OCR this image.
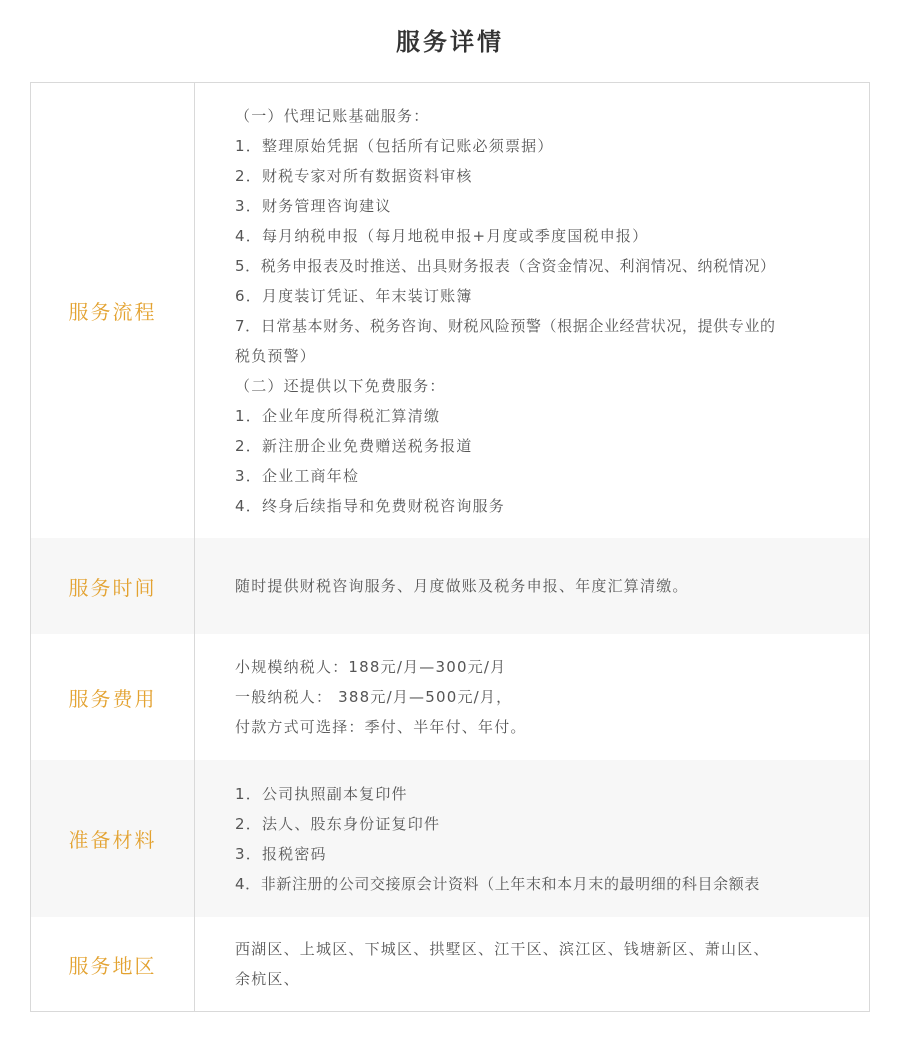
服务详情
服务流程
（一）代理记账基础服务：
1．整理原始凭据（包括所有记账必须票据）
2．财税专家对所有数据资料审核
3．财务管理咨询建议
4．每月纳税申报（每月地税申报+月度或季度国税申报）
5．税务申报表及时推送、出具财务报表（含资金情况、利润情况、纳税情况）
6．月度装订凭证、年末装订账簿
7．日常基本财务、税务咨询、财税风险预警（根据企业经营状况，提供专业的
税负预警）
（二）还提供以下免费服务：
1．企业年度所得税汇算清缴
2．新注册企业免费赠送税务报道
3．企业工商年检
4．终身后续指导和免费财税咨询服务
服务时间	随时提供财税咨询服务、月度做账及税务申报、年度汇算清缴。
服务费用
小规模纳税人：188元/月—300元/月
一般纳税人： 388元/月—500元/月，
付款方式可选择：季付、半年付、年付。
准备材料
1．公司执照副本复印件
2．法人、股东身份证复印件
3．报税密码
4．非新注册的公司交接原会计资料（上年末和本月末的最明细的科目余额表
服务地区
西湖区、上城区、下城区、拱墅区、江干区、滨江区、钱塘新区、萧山区、
余杭区、
